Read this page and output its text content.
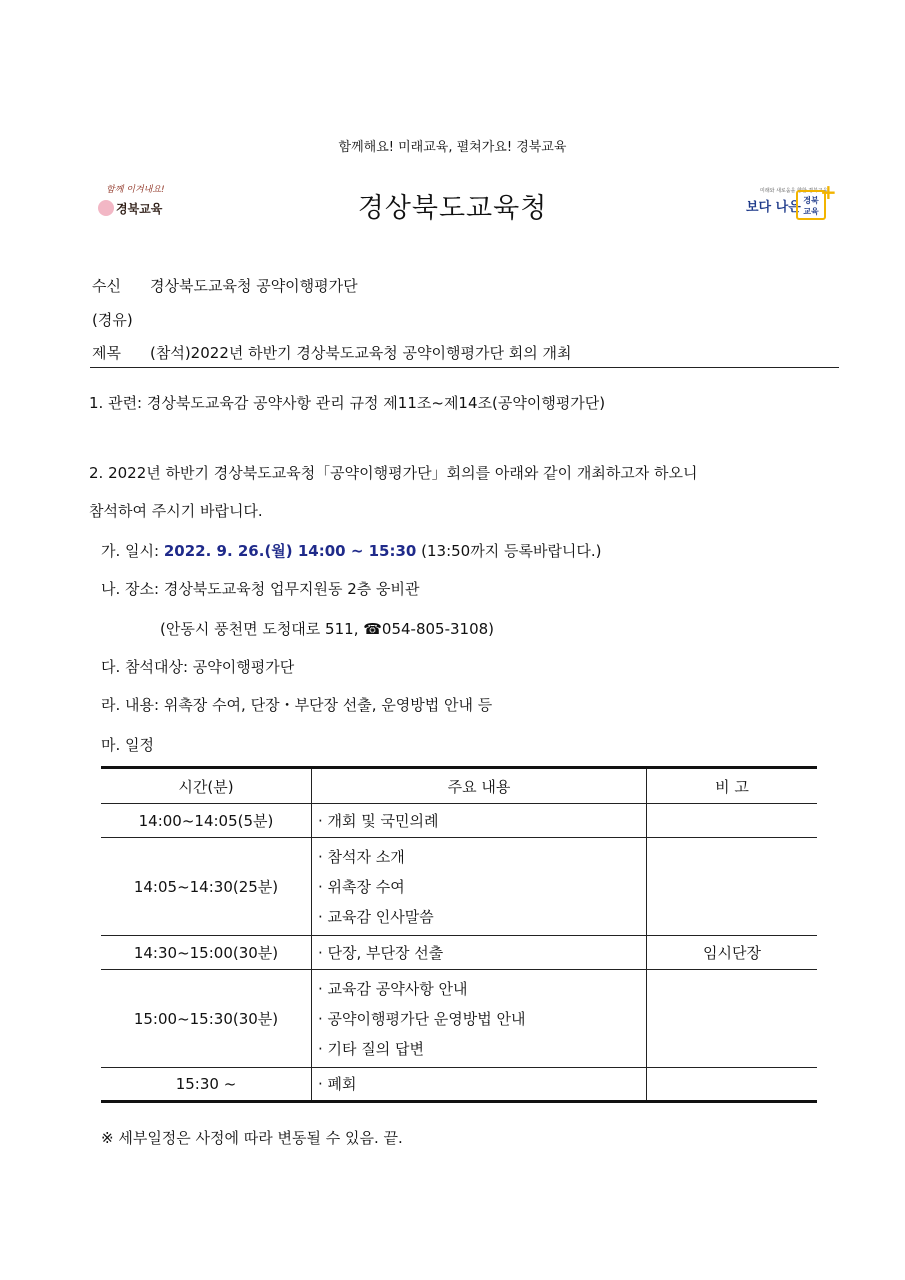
함께해요! 미래교육, 펼쳐가요! 경북교육
함께 이겨내요!
경북교육	경상북도교육청
미래와 새로움을 향한 경북교육
보다 나은 경북
교육
+
수신 경상북도교육청 공약이행평가단
(경유)
제목 (참석)2022년 하반기 경상북도교육청 공약이행평가단 회의 개최
1. 관련: 경상북도교육감 공약사항 관리 규정 제11조~제14조(공약이행평가단)
2. 2022년 하반기 경상북도교육청「공약이행평가단」회의를 아래와 같이 개최하고자 하오니
참석하여 주시기 바랍니다.
가. 일시: 2022. 9. 26.(월) 14:00 ~ 15:30 (13:50까지 등록바랍니다.)
나. 장소: 경상북도교육청 업무지원동 2층 웅비관
(안동시 풍천면 도청대로 511, ☎054-805-3108)
다. 참석대상: 공약이행평가단
라. 내용: 위촉장 수여, 단장・부단장 선출, 운영방법 안내 등
마. 일정
시간(분)	주요 내용	비 고
14:00~14:05(5분)	· 개회 및 국민의례	

14:05~14:30(25분)	· 참석자 소개
· 위촉장 수여
· 교육감 인사말씀	

14:30~15:00(30분)	· 단장, 부단장 선출	임시단장
15:00~15:30(30분)	· 교육감 공약사항 안내
· 공약이행평가단 운영방법 안내
· 기타 질의 답변	

15:30 ~	· 폐회	

※ 세부일정은 사정에 따라 변동될 수 있음. 끝.
